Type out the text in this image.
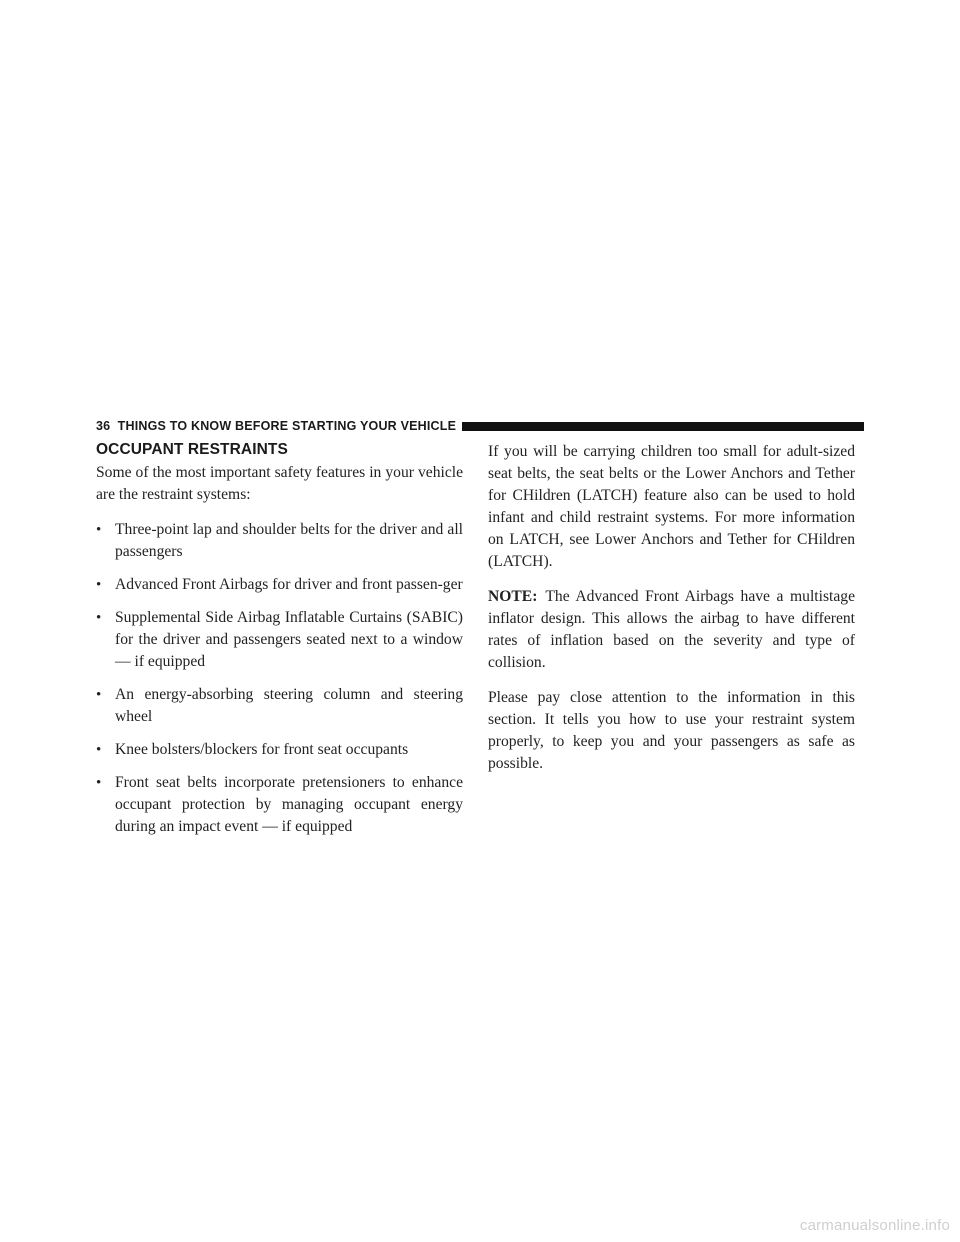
36 THINGS TO KNOW BEFORE STARTING YOUR VEHICLE
OCCUPANT RESTRAINTS

Some of the most important safety features in your vehicle are the restraint systems:

• Three-point lap and shoulder belts for the driver and all passengers
• Advanced Front Airbags for driver and front passen-ger
• Supplemental Side Airbag Inflatable Curtains (SABIC) for the driver and passengers seated next to a window — if equipped
• An energy-absorbing steering column and steering wheel
• Knee bolsters/blockers for front seat occupants
• Front seat belts incorporate pretensioners to enhance occupant protection by managing occupant energy during an impact event — if equipped

If you will be carrying children too small for adult-sized seat belts, the seat belts or the Lower Anchors and Tether for CHildren (LATCH) feature also can be used to hold infant and child restraint systems. For more information on LATCH, see Lower Anchors and Tether for CHildren (LATCH).

NOTE: The Advanced Front Airbags have a multistage inflator design. This allows the airbag to have different rates of inflation based on the severity and type of collision.

Please pay close attention to the information in this section. It tells you how to use your restraint system properly, to keep you and your passengers as safe as possible.

carmanualsonline.info
